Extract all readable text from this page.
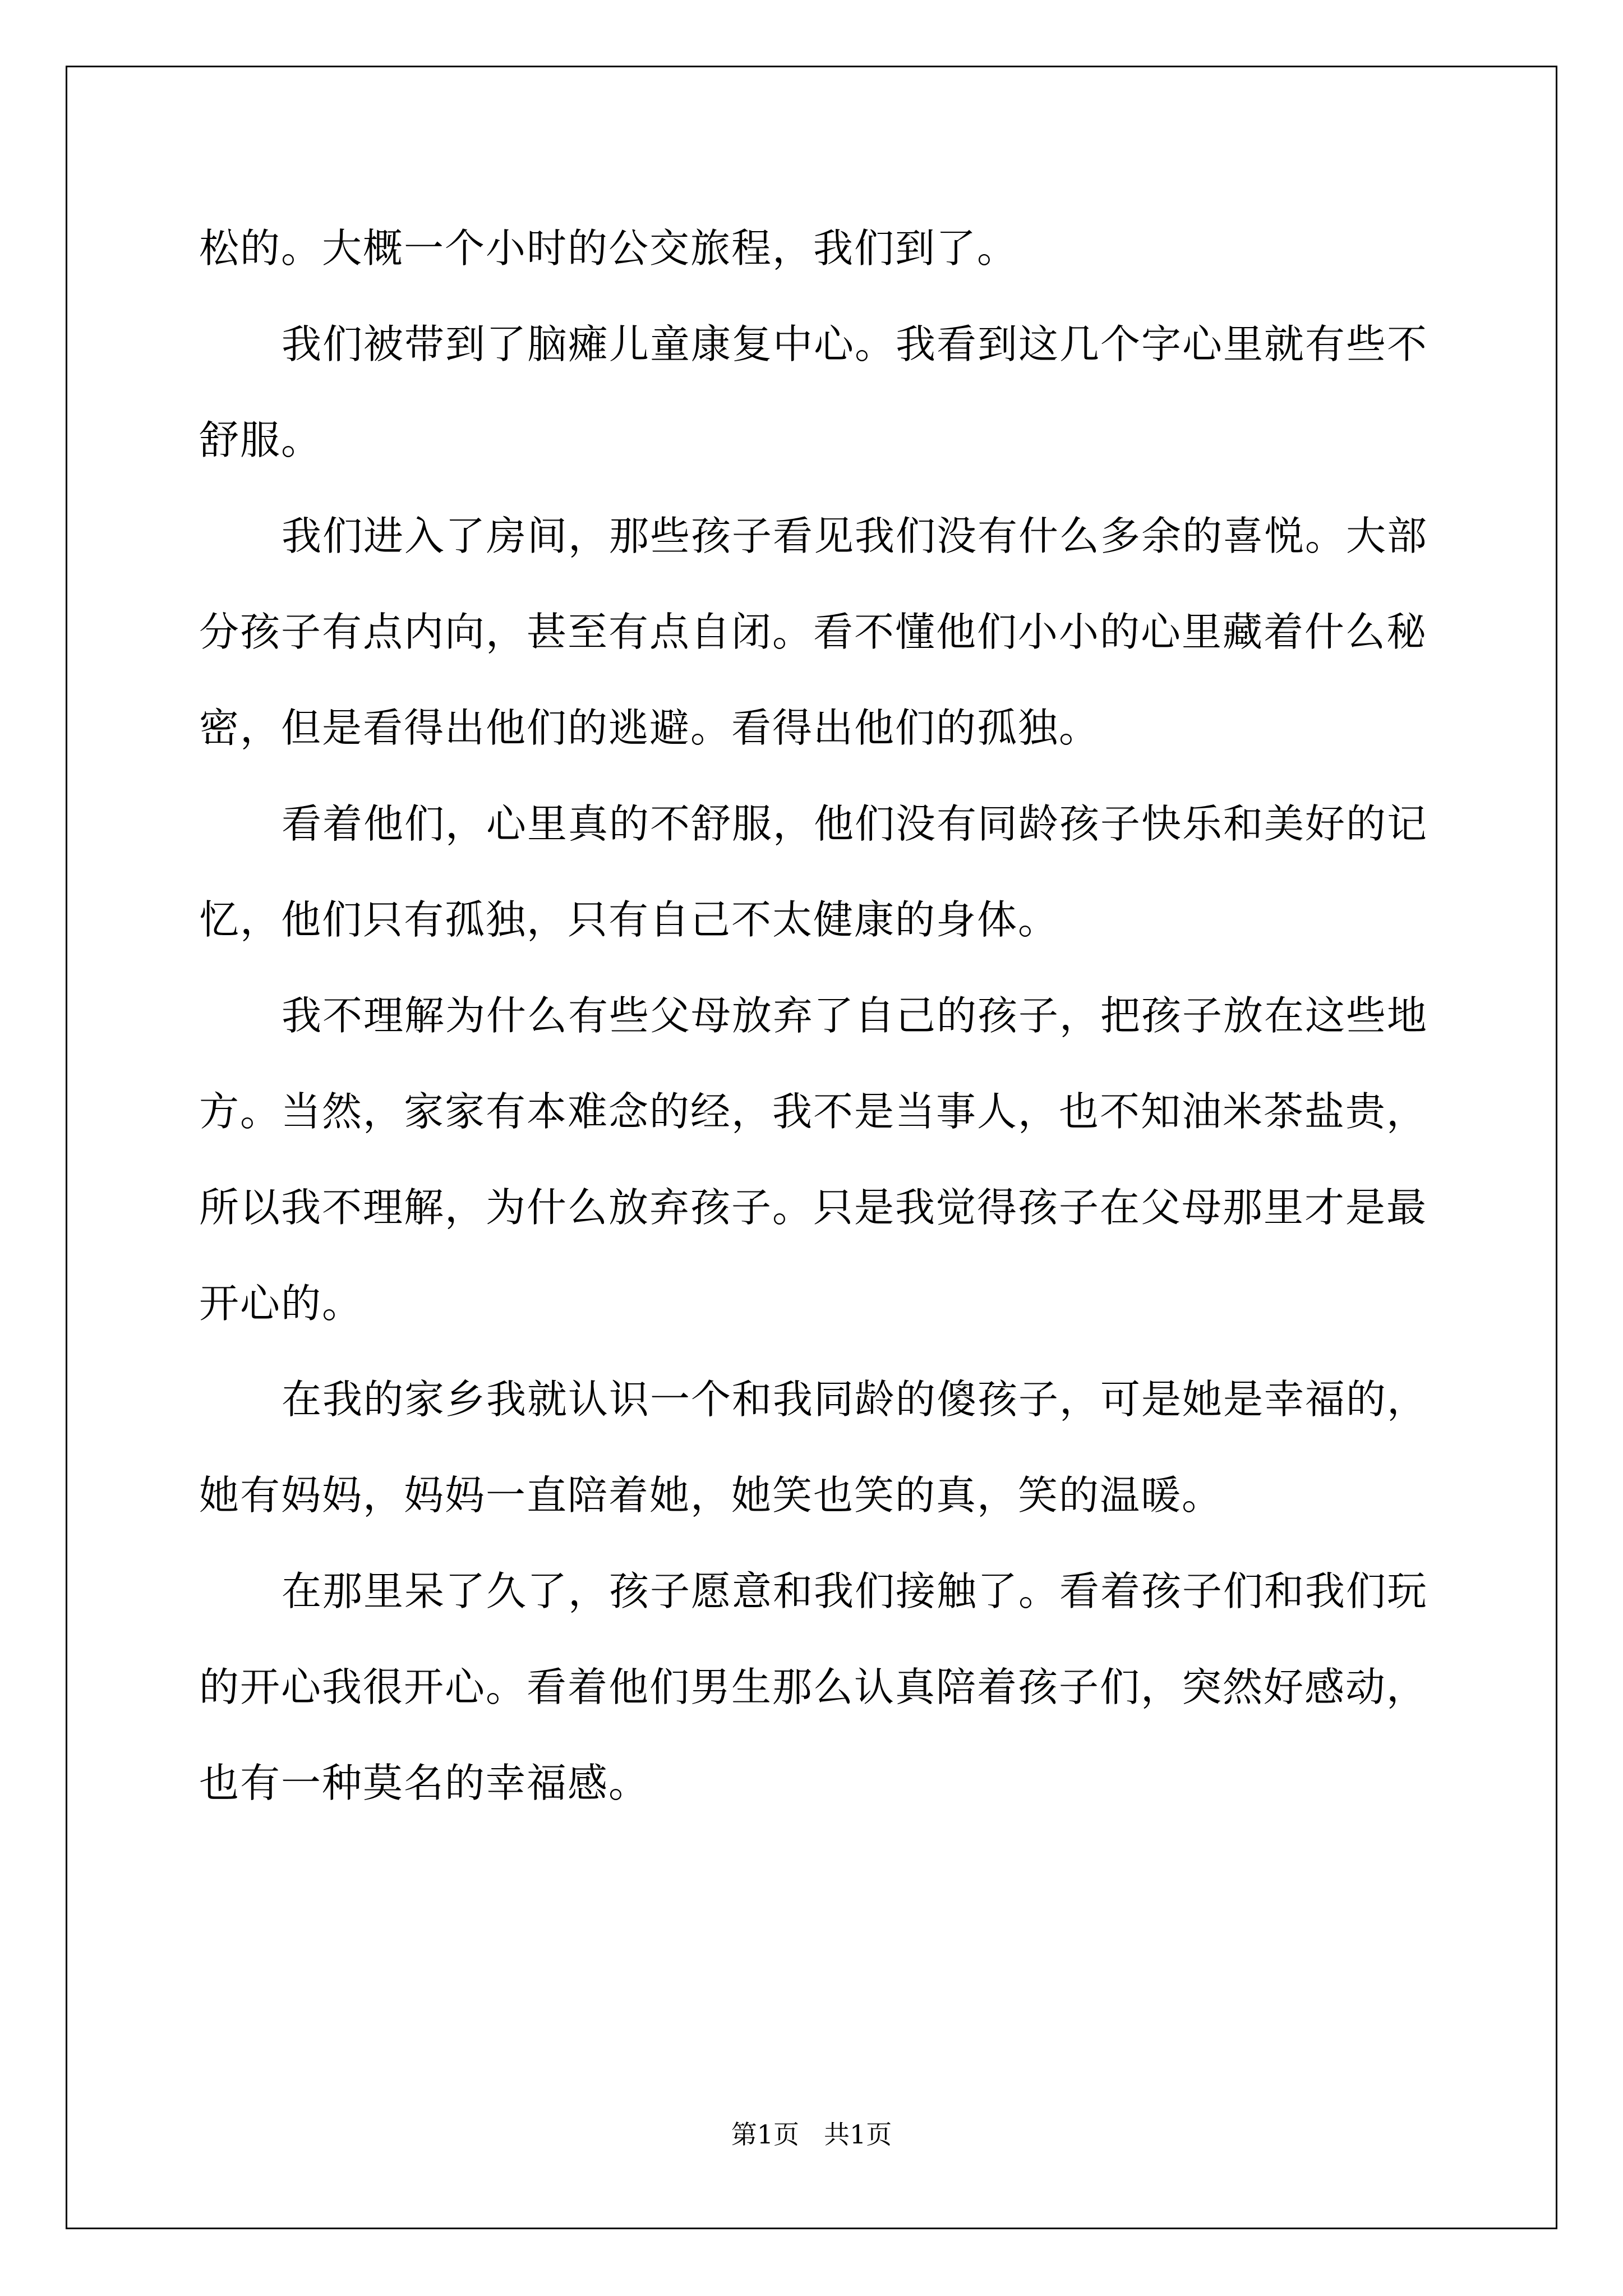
松的。大概一个小时的公交旅程，我们到了。

我们被带到了脑瘫儿童康复中心。我看到这几个字心里就有些不舒服。

我们进入了房间，那些孩子看见我们没有什么多余的喜悦。大部分孩子有点内向，甚至有点自闭。看不懂他们小小的心里藏着什么秘密，但是看得出他们的逃避。看得出他们的孤独。

看着他们，心里真的不舒服，他们没有同龄孩子快乐和美好的记忆，他们只有孤独，只有自己不太健康的身体。

我不理解为什么有些父母放弃了自己的孩子，把孩子放在这些地方。当然，家家有本难念的经，我不是当事人，也不知油米茶盐贵，所以我不理解，为什么放弃孩子。只是我觉得孩子在父母那里才是最开心的。

在我的家乡我就认识一个和我同龄的傻孩子，可是她是幸福的，她有妈妈，妈妈一直陪着她，她笑也笑的真，笑的温暖。

在那里呆了久了，孩子愿意和我们接触了。看着孩子们和我们玩的开心我很开心。看着他们男生那么认真陪着孩子们，突然好感动，也有一种莫名的幸福感。

第1页 共1页
